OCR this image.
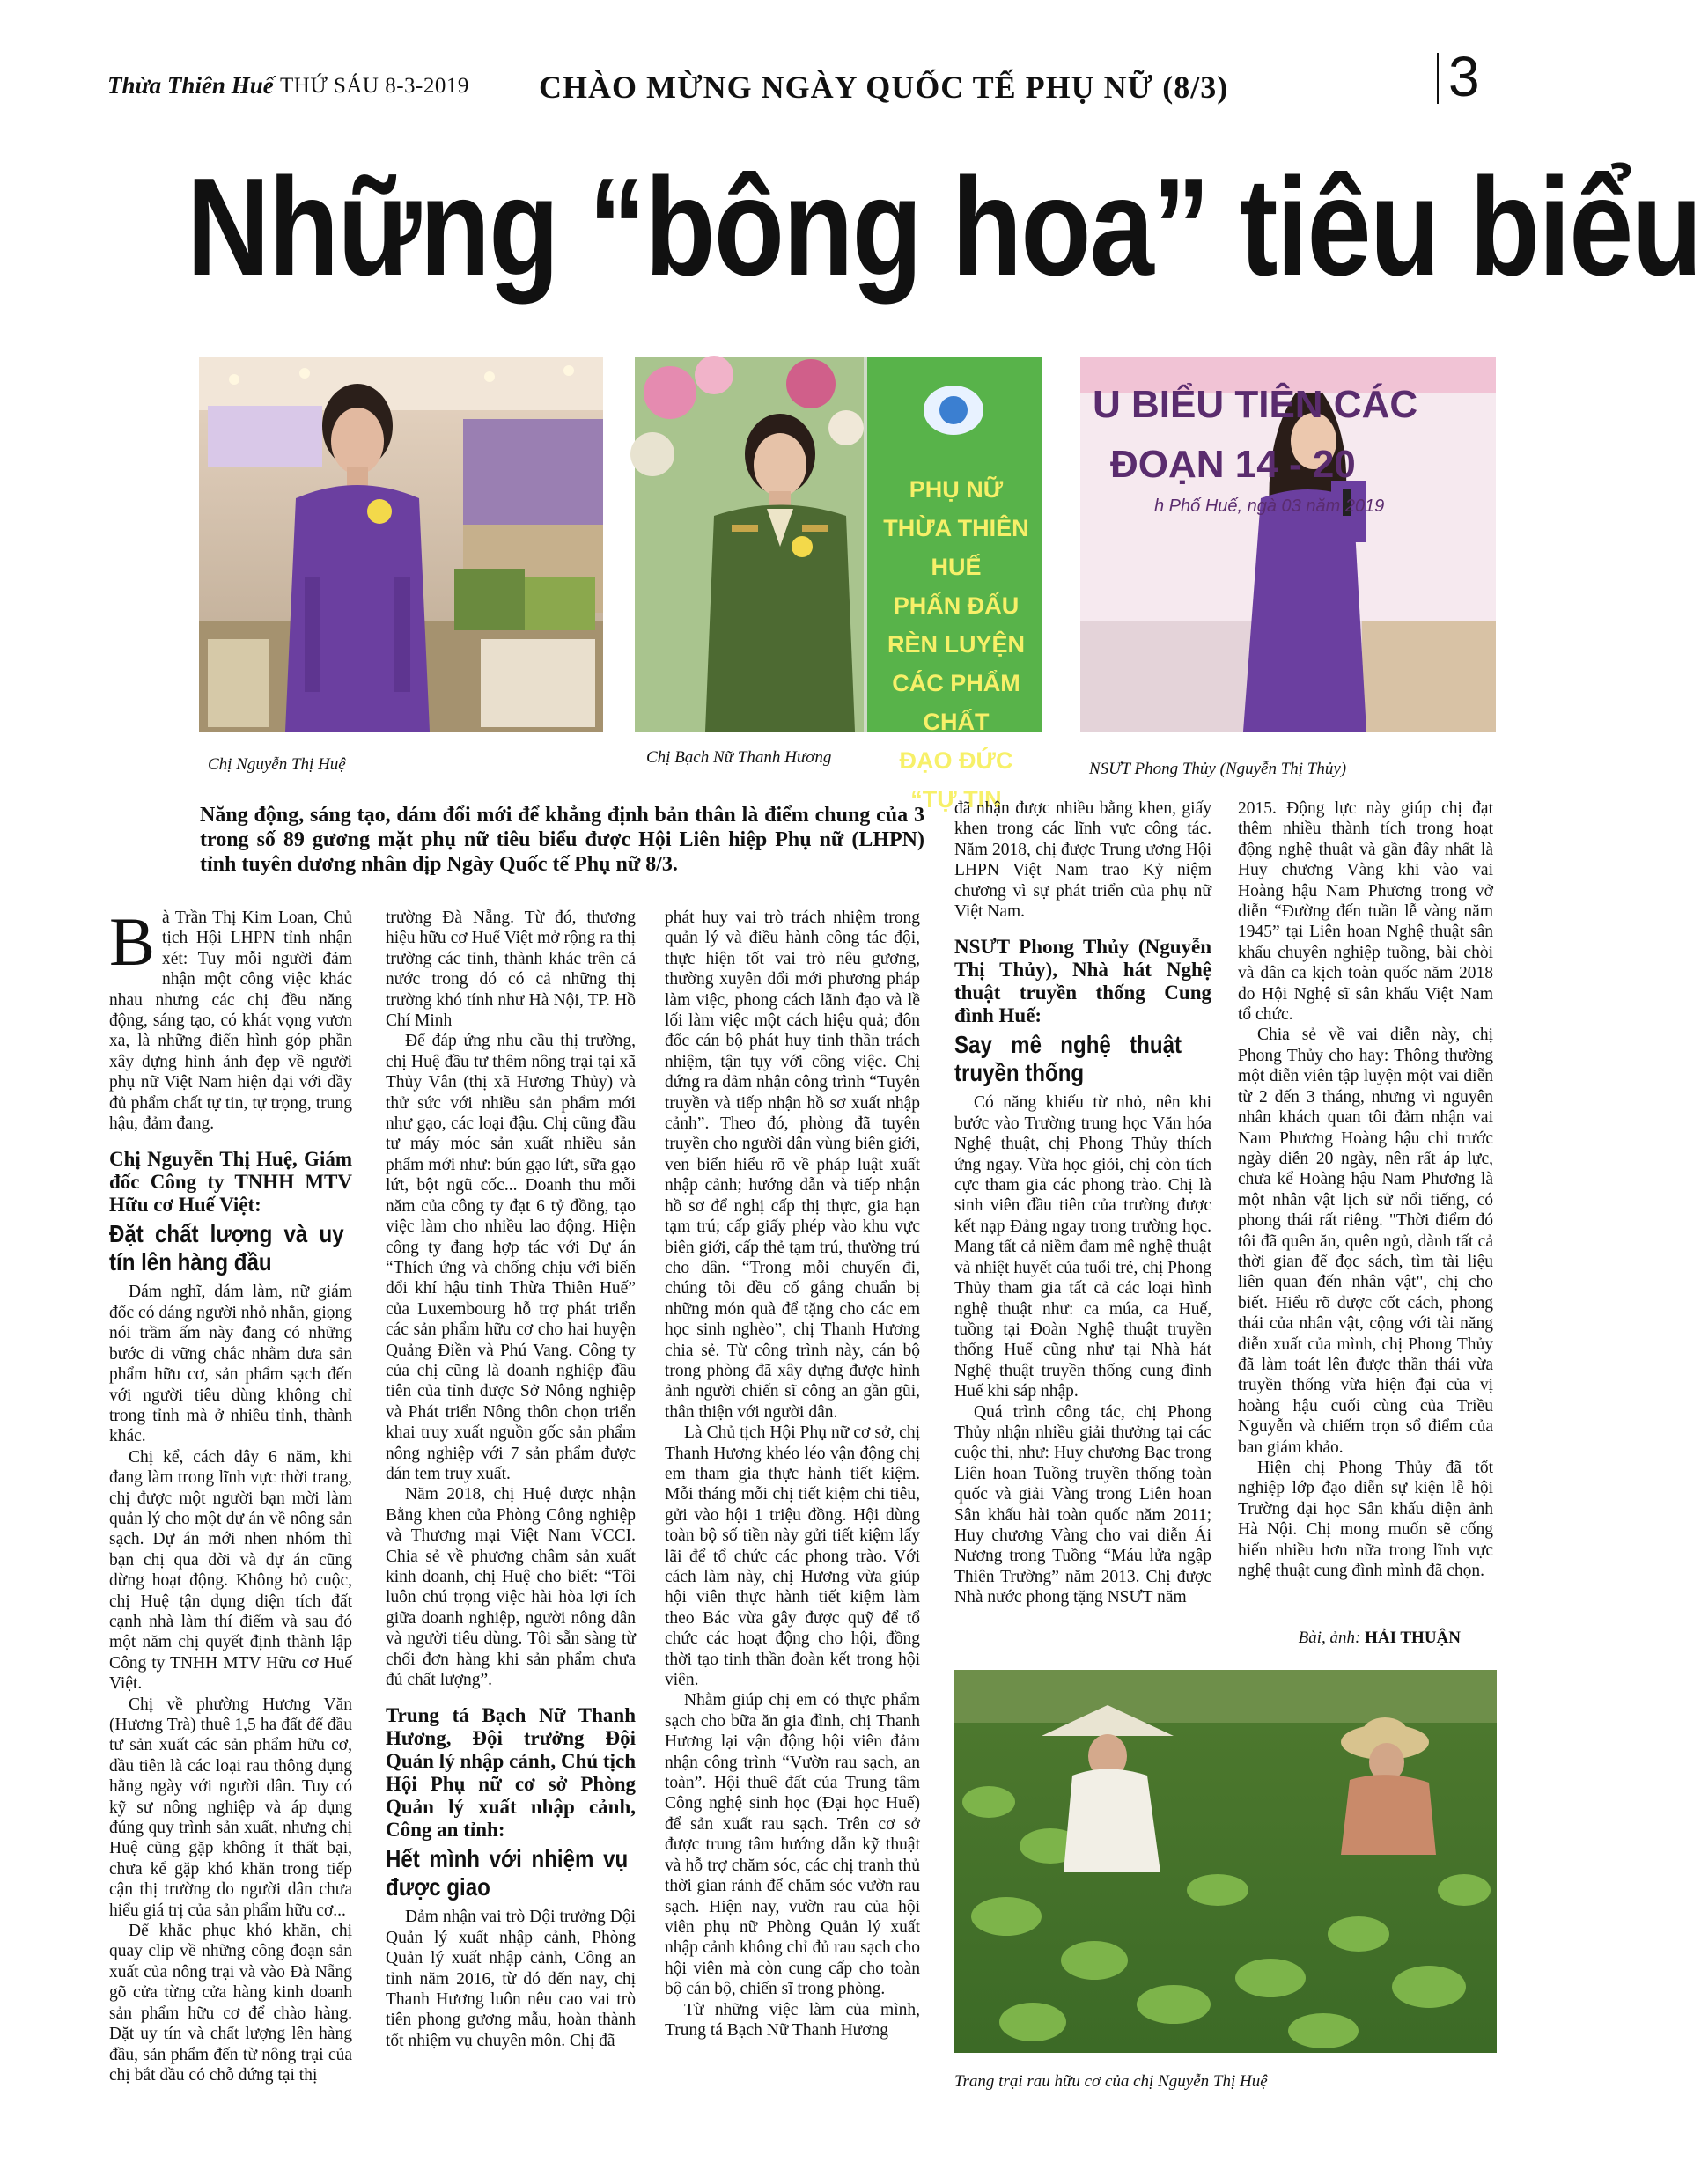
Thừa Thiên Huế THỨ SÁU 8-3-2019 CHÀO MỪNG NGÀY QUỐC TẾ PHỤ NỮ (8/3)	3
Những “bông hoa” tiêu biểu
Chị Nguyễn Thị Huệ
PHỤ NỮ
THỪA THIÊN HUẾ
PHẤN ĐẤU
RÈN LUYỆN
CÁC PHẨM CHẤT
ĐẠO ĐỨC
“TỰ TIN
Chị Bạch Nữ Thanh Hương
U BIỂU TIÊN CÁC
ĐOẠN 14 - 20
h Phố Huế, ngà 03 năm 2019
NSƯT Phong Thủy (Nguyễn Thị Thủy)
Năng động, sáng tạo, dám đổi mới để khẳng định bản thân là điểm chung của 3 trong số 89 gương mặt phụ nữ tiêu biểu được Hội Liên hiệp Phụ nữ (LHPN) tỉnh tuyên dương nhân dịp Ngày Quốc tế Phụ nữ 8/3.

Bà Trần Thị Kim Loan, Chủ tịch Hội LHPN tỉnh nhận xét: Tuy mỗi người đảm nhận một công việc khác nhau nhưng các chị đều năng động, sáng tạo, có khát vọng vươn xa, là những điển hình góp phần xây dựng hình ảnh đẹp về người phụ nữ Việt Nam hiện đại với đầy đủ phẩm chất tự tin, tự trọng, trung hậu, đảm đang.

Chị Nguyễn Thị Huệ, Giám đốc Công ty TNHH MTV Hữu cơ Huế Việt:
Đặt chất lượng và uy tín lên hàng đầu

Dám nghĩ, dám làm, nữ giám đốc có dáng người nhỏ nhắn, giọng nói trầm ấm này đang có những bước đi vững chắc nhằm đưa sản phẩm hữu cơ, sản phẩm sạch đến với người tiêu dùng không chỉ trong tỉnh mà ở nhiều tỉnh, thành khác.

Chị kể, cách đây 6 năm, khi đang làm trong lĩnh vực thời trang, chị được một người bạn mời làm quản lý cho một dự án về nông sản sạch. Dự án mới nhen nhóm thì bạn chị qua đời và dự án cũng dừng hoạt động. Không bỏ cuộc, chị Huệ tận dụng diện tích đất cạnh nhà làm thí điểm và sau đó một năm chị quyết định thành lập Công ty TNHH MTV Hữu cơ Huế Việt.

Chị về phường Hương Văn (Hương Trà) thuê 1,5 ha đất để đầu tư sản xuất các sản phẩm hữu cơ, đầu tiên là các loại rau thông dụng hằng ngày với người dân. Tuy có kỹ sư nông nghiệp và áp dụng đúng quy trình sản xuất, nhưng chị Huệ cũng gặp không ít thất bại, chưa kể gặp khó khăn trong tiếp cận thị trường do người dân chưa hiểu giá trị của sản phẩm hữu cơ...

Để khắc phục khó khăn, chị quay clip về những công đoạn sản xuất của nông trại và vào Đà Nẵng gõ cửa từng cửa hàng kinh doanh sản phẩm hữu cơ để chào hàng. Đặt uy tín và chất lượng lên hàng đầu, sản phẩm đến từ nông trại của chị bắt đầu có chỗ đứng tại thị

trường Đà Nẵng. Từ đó, thương hiệu hữu cơ Huế Việt mở rộng ra thị trường các tỉnh, thành khác trên cả nước trong đó có cả những thị trường khó tính như Hà Nội, TP. Hồ Chí Minh

Để đáp ứng nhu cầu thị trường, chị Huệ đầu tư thêm nông trại tại xã Thủy Vân (thị xã Hương Thủy) và thử sức với nhiều sản phẩm mới như gạo, các loại đậu. Chị cũng đầu tư máy móc sản xuất nhiều sản phẩm mới như: bún gạo lứt, sữa gạo lứt, bột ngũ cốc... Doanh thu mỗi năm của công ty đạt 6 tỷ đồng, tạo việc làm cho nhiều lao động. Hiện công ty đang hợp tác với Dự án “Thích ứng và chống chịu với biến đổi khí hậu tỉnh Thừa Thiên Huế” của Luxembourg hỗ trợ phát triển các sản phẩm hữu cơ cho hai huyện Quảng Điền và Phú Vang. Công ty của chị cũng là doanh nghiệp đầu tiên của tỉnh được Sở Nông nghiệp và Phát triển Nông thôn chọn triển khai truy xuất nguồn gốc sản phẩm nông nghiệp với 7 sản phẩm được dán tem truy xuất.

Năm 2018, chị Huệ được nhận Bằng khen của Phòng Công nghiệp và Thương mại Việt Nam VCCI. Chia sẻ về phương châm sản xuất kinh doanh, chị Huệ cho biết: “Tôi luôn chú trọng việc hài hòa lợi ích giữa doanh nghiệp, người nông dân và người tiêu dùng. Tôi sẵn sàng từ chối đơn hàng khi sản phẩm chưa đủ chất lượng”.

Trung tá Bạch Nữ Thanh Hương, Đội trưởng Đội Quản lý nhập cảnh, Chủ tịch Hội Phụ nữ cơ sở Phòng Quản lý xuất nhập cảnh, Công an tỉnh:
Hết mình với nhiệm vụ được giao

Đảm nhận vai trò Đội trưởng Đội Quản lý xuất nhập cảnh, Phòng Quản lý xuất nhập cảnh, Công an tỉnh năm 2016, từ đó đến nay, chị Thanh Hương luôn nêu cao vai trò tiên phong gương mẫu, hoàn thành tốt nhiệm vụ chuyên môn. Chị đã

phát huy vai trò trách nhiệm trong quản lý và điều hành công tác đội, thực hiện tốt vai trò nêu gương, thường xuyên đổi mới phương pháp làm việc, phong cách lãnh đạo và lề lối làm việc một cách hiệu quả; đôn đốc cán bộ phát huy tinh thần trách nhiệm, tận tụy với công việc. Chị đứng ra đảm nhận công trình “Tuyên truyền và tiếp nhận hồ sơ xuất nhập cảnh”. Theo đó, phòng đã tuyên truyền cho người dân vùng biên giới, ven biển hiểu rõ về pháp luật xuất nhập cảnh; hướng dẫn và tiếp nhận hồ sơ để nghị cấp thị thực, gia hạn tạm trú; cấp giấy phép vào khu vực biên giới, cấp thẻ tạm trú, thường trú cho dân. “Trong mỗi chuyến đi, chúng tôi đều cố gắng chuẩn bị những món quà để tặng cho các em học sinh nghèo”, chị Thanh Hương chia sẻ. Từ công trình này, cán bộ trong phòng đã xây dựng được hình ảnh người chiến sĩ công an gần gũi, thân thiện với người dân.

Là Chủ tịch Hội Phụ nữ cơ sở, chị Thanh Hương khéo léo vận động chị em tham gia thực hành tiết kiệm. Mỗi tháng mỗi chị tiết kiệm chi tiêu, gửi vào hội 1 triệu đồng. Hội dùng toàn bộ số tiền này gửi tiết kiệm lấy lãi để tổ chức các phong trào. Với cách làm này, chị Hương vừa giúp hội viên thực hành tiết kiệm làm theo Bác vừa gây được quỹ để tổ chức các hoạt động cho hội, đồng thời tạo tinh thần đoàn kết trong hội viên.

Nhằm giúp chị em có thực phẩm sạch cho bữa ăn gia đình, chị Thanh Hương lại vận động hội viên đảm nhận công trình “Vườn rau sạch, an toàn”. Hội thuê đất của Trung tâm Công nghệ sinh học (Đại học Huế) để sản xuất rau sạch. Trên cơ sở được trung tâm hướng dẫn kỹ thuật và hỗ trợ chăm sóc, các chị tranh thủ thời gian rảnh để chăm sóc vườn rau sạch. Hiện nay, vườn rau của hội viên phụ nữ Phòng Quản lý xuất nhập cảnh không chỉ đủ rau sạch cho hội viên mà còn cung cấp cho toàn bộ cán bộ, chiến sĩ trong phòng.

Từ những việc làm của mình, Trung tá Bạch Nữ Thanh Hương

đã nhận được nhiều bằng khen, giấy khen trong các lĩnh vực công tác. Năm 2018, chị được Trung ương Hội LHPN Việt Nam trao Kỷ niệm chương vì sự phát triển của phụ nữ Việt Nam.

NSƯT Phong Thủy (Nguyễn Thị Thủy), Nhà hát Nghệ thuật truyền thống Cung đình Huế:
Say mê nghệ thuật truyền thống

Có năng khiếu từ nhỏ, nên khi bước vào Trường trung học Văn hóa Nghệ thuật, chị Phong Thủy thích ứng ngay. Vừa học giỏi, chị còn tích cực tham gia các phong trào. Chị là sinh viên đầu tiên của trường được kết nạp Đảng ngay trong trường học. Mang tất cả niềm đam mê nghệ thuật và nhiệt huyết của tuổi trẻ, chị Phong Thủy tham gia tất cả các loại hình nghệ thuật như: ca múa, ca Huế, tuồng tại Đoàn Nghệ thuật truyền thống Huế cũng như tại Nhà hát Nghệ thuật truyền thống cung đình Huế khi sáp nhập.

Quá trình công tác, chị Phong Thủy nhận nhiều giải thưởng tại các cuộc thi, như: Huy chương Bạc trong Liên hoan Tuồng truyền thống toàn quốc và giải Vàng trong Liên hoan Sân khấu hài toàn quốc năm 2011; Huy chương Vàng cho vai diễn Ái Nương trong Tuồng “Máu lửa ngập Thiên Trường” năm 2013. Chị được Nhà nước phong tặng NSƯT năm

2015. Động lực này giúp chị đạt thêm nhiều thành tích trong hoạt động nghệ thuật và gần đây nhất là Huy chương Vàng khi vào vai Hoàng hậu Nam Phương trong vở diễn “Đường đến tuần lễ vàng năm 1945” tại Liên hoan Nghệ thuật sân khấu chuyên nghiệp tuồng, bài chòi và dân ca kịch toàn quốc năm 2018 do Hội Nghệ sĩ sân khấu Việt Nam tổ chức.

Chia sẻ về vai diễn này, chị Phong Thủy cho hay: Thông thường một diễn viên tập luyện một vai diễn từ 2 đến 3 tháng, nhưng vì nguyên nhân khách quan tôi đảm nhận vai Nam Phương Hoàng hậu chỉ trước ngày diễn 20 ngày, nên rất áp lực, chưa kể Hoàng hậu Nam Phương là một nhân vật lịch sử nổi tiếng, có phong thái rất riêng. "Thời điểm đó tôi đã quên ăn, quên ngủ, dành tất cả thời gian để đọc sách, tìm tài liệu liên quan đến nhân vật", chị cho biết. Hiểu rõ được cốt cách, phong thái của nhân vật, cộng với tài năng diễn xuất của mình, chị Phong Thủy đã làm toát lên được thần thái vừa truyền thống vừa hiện đại của vị hoàng hậu cuối cùng của Triều Nguyễn và chiếm trọn sổ điểm của ban giám khảo.

Hiện chị Phong Thủy đã tốt nghiệp lớp đạo diễn sự kiện lễ hội Trường đại học Sân khấu điện ảnh Hà Nội. Chị mong muốn sẽ cống hiến nhiều hơn nữa trong lĩnh vực nghệ thuật cung đình mình đã chọn.

Bài, ảnh: HẢI THUẬN
Trang trại rau hữu cơ của chị Nguyễn Thị Huệ
